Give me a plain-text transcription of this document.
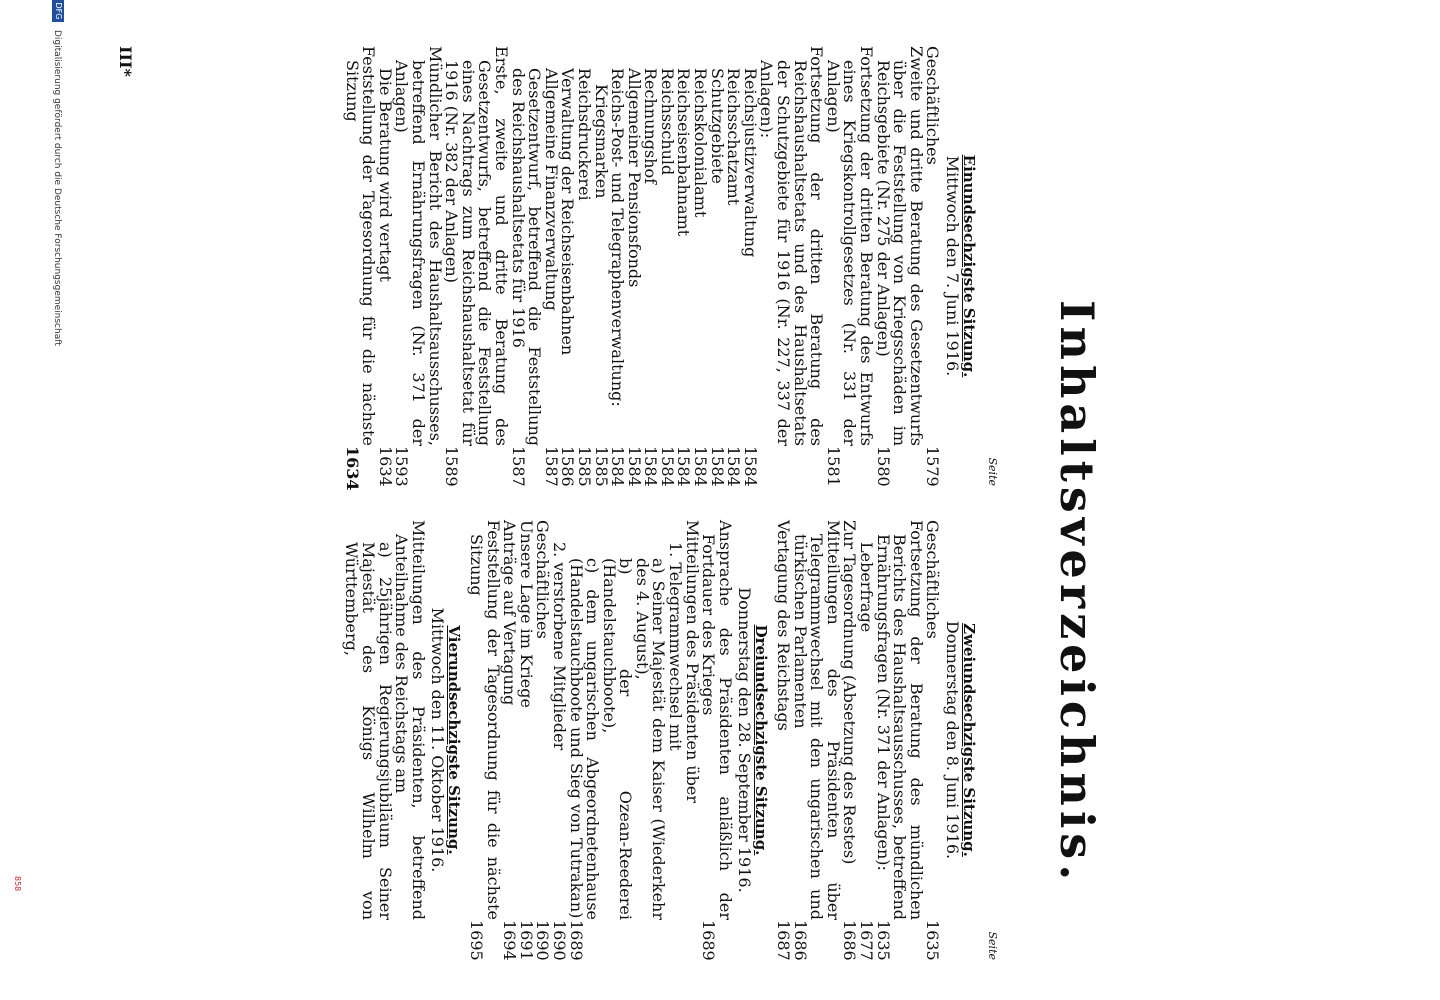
Inhaltsverzeichnis.
Seite
Einundsechzigste Sitzung.
Mittwoch den 7. Juni 1916.
Geschäftliches
1579
Zweite und dritte Beratung des Gesetzentwurfs über die Feststellung von Kriegsschäden im Reichsgebiete (Nr. 275 der Anlagen)
1580
Fortsetzung der dritten Beratung des Entwurfs eines Kriegskontrollgesetzes (Nr. 331 der Anlagen)
1581
Fortsetzung der dritten Beratung des Reichshaushaltsetats und des Haushaltsetats der Schutzgebiete für 1916 (Nr. 227, 337 der Anlagen):
Reichsjustizverwaltung
1584
Reichsschatzamt
1584
Schutzgebiete
1584
Reichskolonialamt
1584
Reichseisenbahnamt
1584
Reichsschuld
1584
Rechnungshof
1584
Allgemeiner Pensionsfonds
1584
Reichs-Post- und Telegraphenverwaltung:
1584
Kriegsmarken
1585
Reichsdruckerei
1585
Verwaltung der Reichseisenbahnen
1586
Allgemeine Finanzverwaltung
1587
Gesetzentwurf, betreffend die Feststellung des Reichshaushaltsetats für 1916
1587
Erste, zweite und dritte Beratung des Gesetzentwurfs, betreffend die Feststellung eines Nachtrags zum Reichshaushaltsetat für 1916 (Nr. 382 der Anlagen)
1589
Mündlicher Bericht des Haushaltsausschusses, betreffend Ernährungsfragen (Nr. 371 der Anlagen)
1593
Die Beratung wird vertagt
1634
Feststellung der Tagesordnung für die nächste Sitzung
1634
Seite
Zweiundsechzigste Sitzung.
Donnerstag den 8. Juni 1916.
Geschäftliches
1635
Fortsetzung der Beratung des mündlichen Berichts des Haushaltsausschusses, betreffend Ernährungsfragen (Nr. 371 der Anlagen):
1635
Leberfrage
1677
Zur Tagesordnung (Absetzung des Restes)
1686
Mitteilungen des Präsidenten über Telegrammwechsel mit den ungarischen und türkischen Parlamenten
1686
Vertagung des Reichstags
1687
Dreiundsechzigste Sitzung.
Donnerstag den 28. September 1916.
Ansprache des Präsidenten anläßlich der Fortdauer des Krieges
1689
Mitteilungen des Präsidenten über
1. Telegrammwechsel mit
a) Seiner Majestät dem Kaiser (Wiederkehr des 4. August),
b) der Ozean-Reederei (Handelstauchboote),
c) dem ungarischen Abgeordnetenhause (Handelstauchboote und Sieg von Tutrakan)
1689
2. verstorbene Mitglieder
1690
Geschäftliches
1690
Unsere Lage im Kriege
1691
Anträge auf Vertagung
1694
Feststellung der Tagesordnung für die nächste Sitzung
1695
Vierundsechzigste Sitzung.
Mittwoch den 11. Oktober 1916.
Mitteilungen des Präsidenten, betreffend Anteilnahme des Reichstags am
a) 25jährigen Regierungsjubiläum Seiner Majestät des Königs Wilhelm von Württemberg,
III*
DFG
Digitalisierung gefördert durch die Deutsche Forschungsgemeinschaft
858
